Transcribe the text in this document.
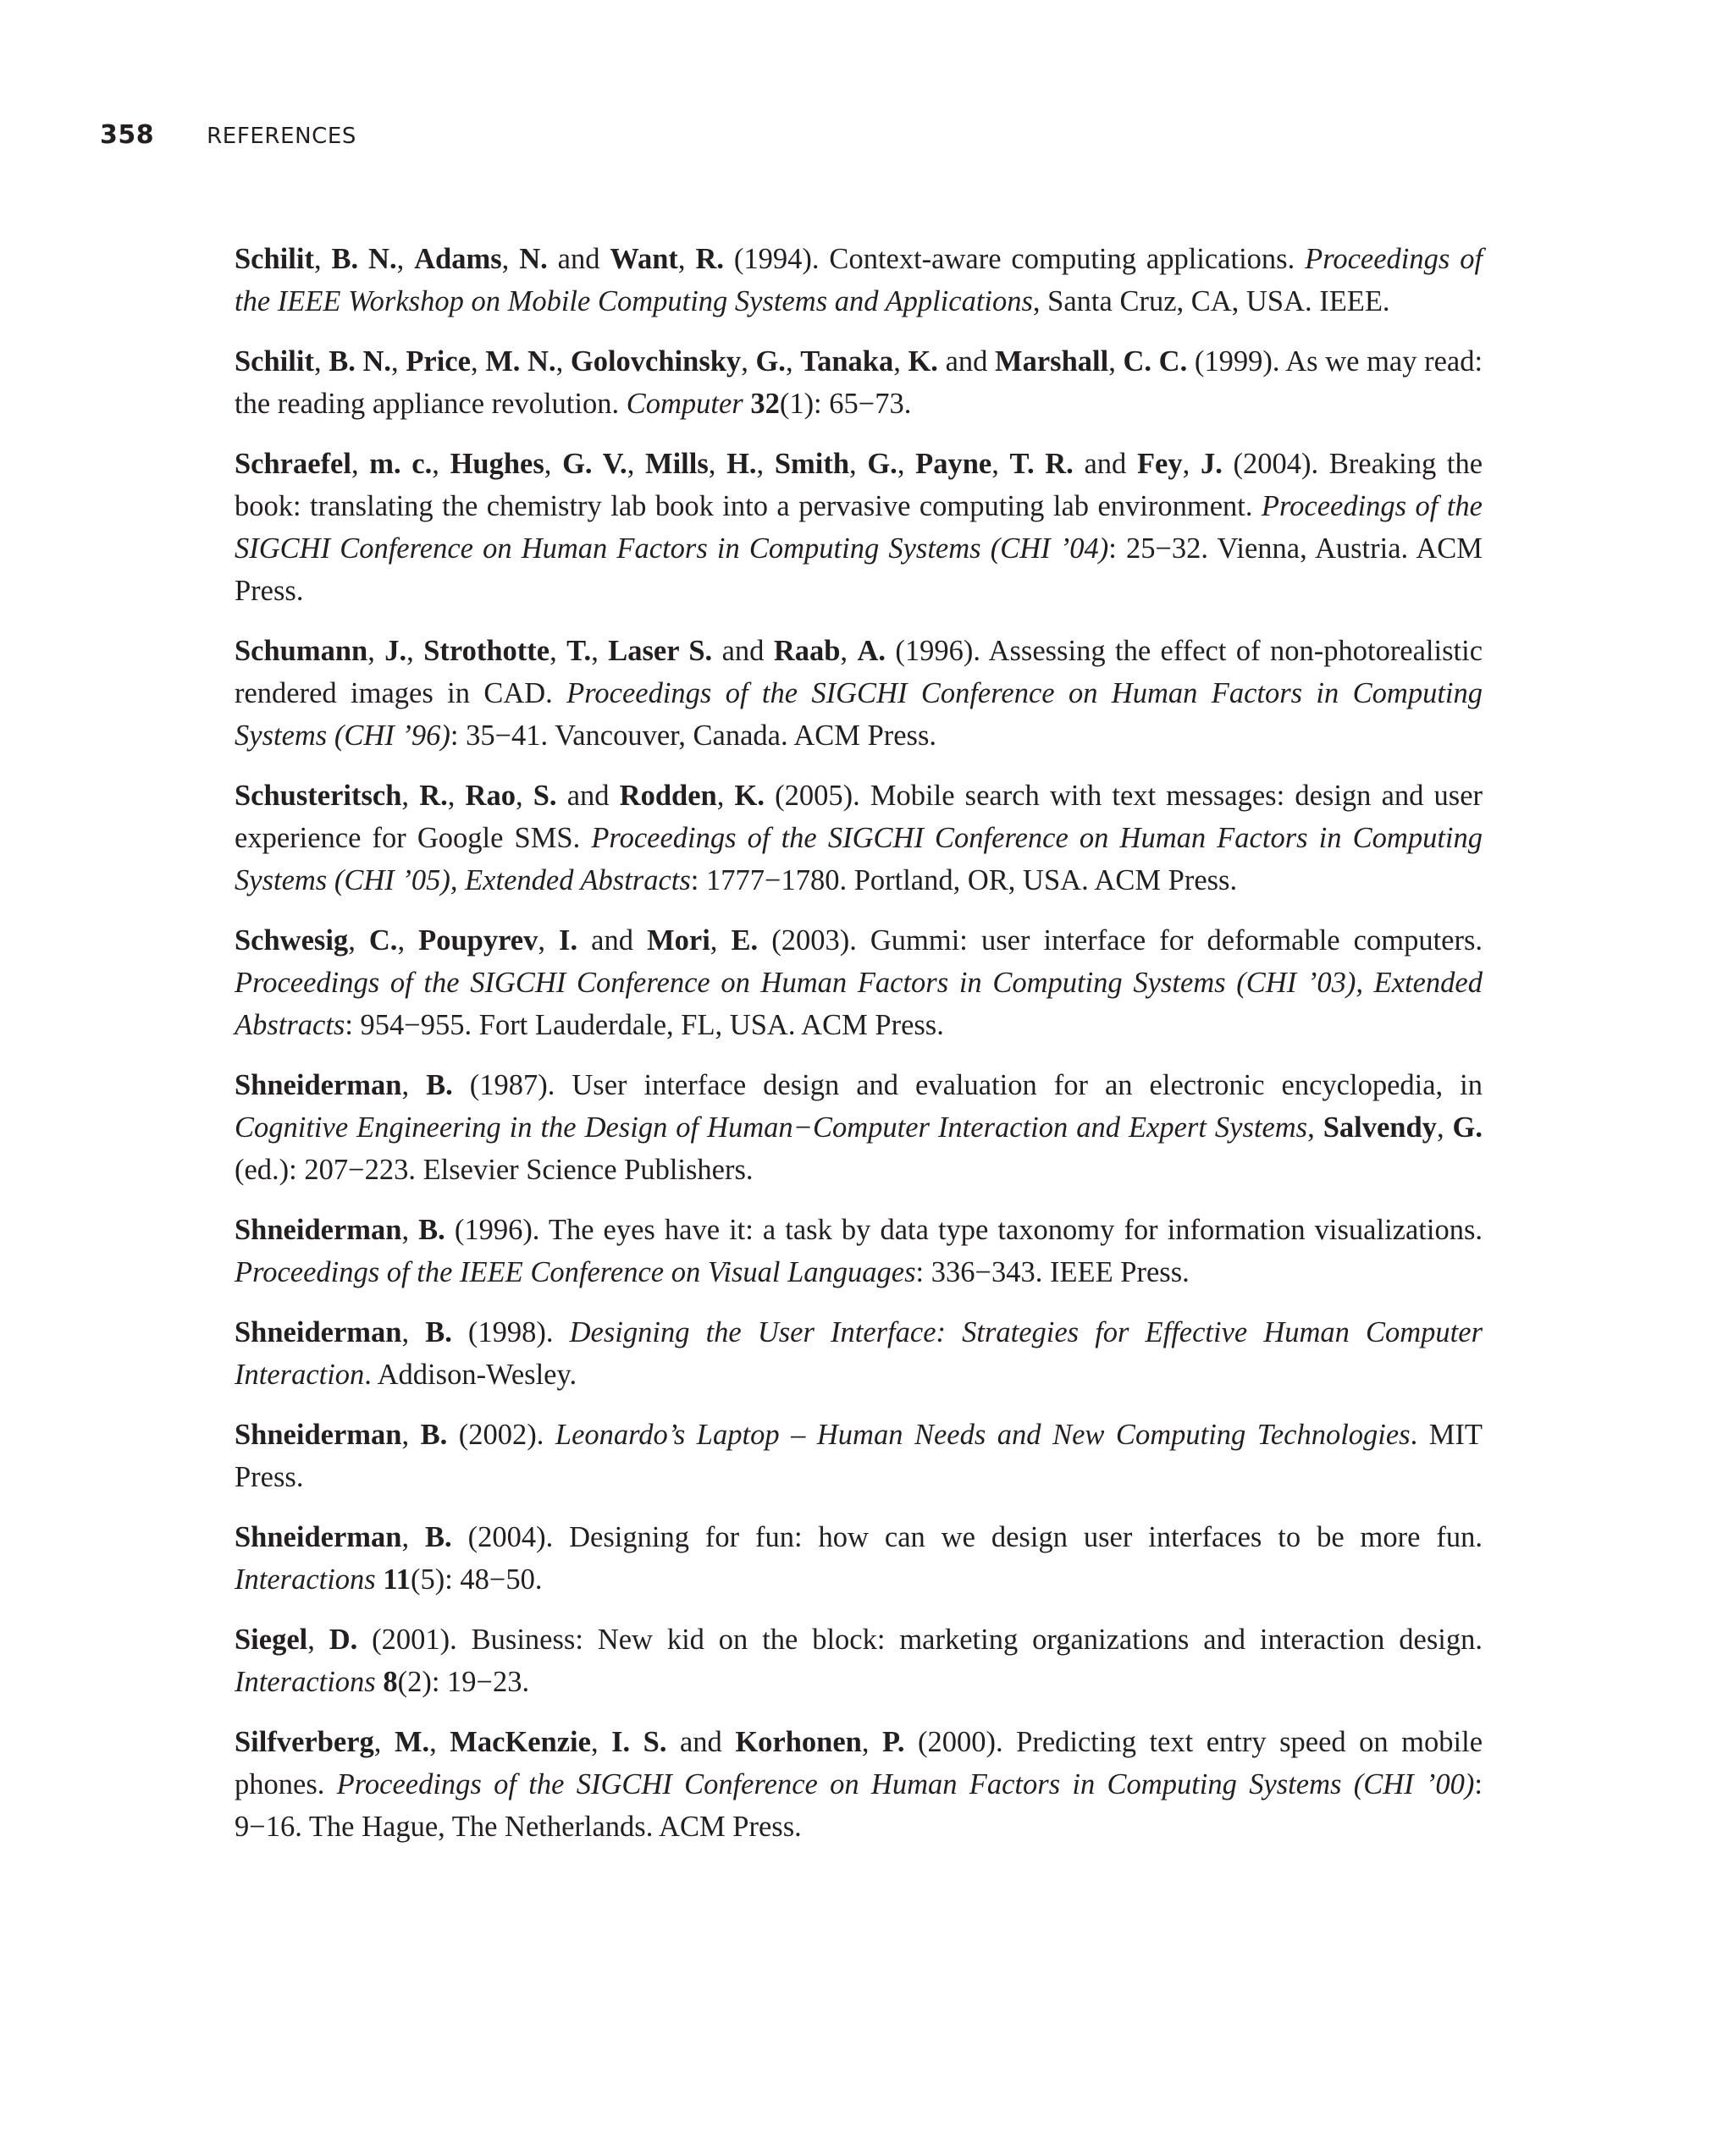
358 REFERENCES

Schilit, B. N., Adams, N. and Want, R. (1994). Context-aware computing applications. Proceedings of the IEEE Workshop on Mobile Computing Systems and Applications, Santa Cruz, CA, USA. IEEE.

Schilit, B. N., Price, M. N., Golovchinsky, G., Tanaka, K. and Marshall, C. C. (1999). As we may read: the reading appliance revolution. Computer 32(1): 65−73.

Schraefel, m. c., Hughes, G. V., Mills, H., Smith, G., Payne, T. R. and Fey, J. (2004). Breaking the book: translating the chemistry lab book into a pervasive computing lab environment. Proceedings of the SIGCHI Conference on Human Factors in Computing Systems (CHI ’04): 25−32. Vienna, Austria. ACM Press.

Schumann, J., Strothotte, T., Laser S. and Raab, A. (1996). Assessing the effect of non-photorealistic rendered images in CAD. Proceedings of the SIGCHI Conference on Human Factors in Computing Systems (CHI ’96): 35−41. Vancouver, Canada. ACM Press.

Schusteritsch, R., Rao, S. and Rodden, K. (2005). Mobile search with text messages: design and user experience for Google SMS. Proceedings of the SIGCHI Conference on Human Factors in Computing Systems (CHI ’05), Extended Abstracts: 1777−1780. Portland, OR, USA. ACM Press.

Schwesig, C., Poupyrev, I. and Mori, E. (2003). Gummi: user interface for deformable computers. Proceedings of the SIGCHI Conference on Human Factors in Computing Systems (CHI ’03), Extended Abstracts: 954−955. Fort Lauderdale, FL, USA. ACM Press.

Shneiderman, B. (1987). User interface design and evaluation for an electronic encyclopedia, in Cognitive Engineering in the Design of Human−Computer Interaction and Expert Systems, Salvendy, G. (ed.): 207−223. Elsevier Science Publishers.

Shneiderman, B. (1996). The eyes have it: a task by data type taxonomy for information visualizations. Proceedings of the IEEE Conference on Visual Languages: 336−343. IEEE Press.

Shneiderman, B. (1998). Designing the User Interface: Strategies for Effective Human Computer Interaction. Addison-Wesley.

Shneiderman, B. (2002). Leonardo’s Laptop – Human Needs and New Computing Technologies. MIT Press.

Shneiderman, B. (2004). Designing for fun: how can we design user interfaces to be more fun. Interactions 11(5): 48−50.

Siegel, D. (2001). Business: New kid on the block: marketing organizations and interaction design. Interactions 8(2): 19−23.

Silfverberg, M., MacKenzie, I. S. and Korhonen, P. (2000). Predicting text entry speed on mobile phones. Proceedings of the SIGCHI Conference on Human Factors in Computing Systems (CHI ’00): 9−16. The Hague, The Netherlands. ACM Press.
